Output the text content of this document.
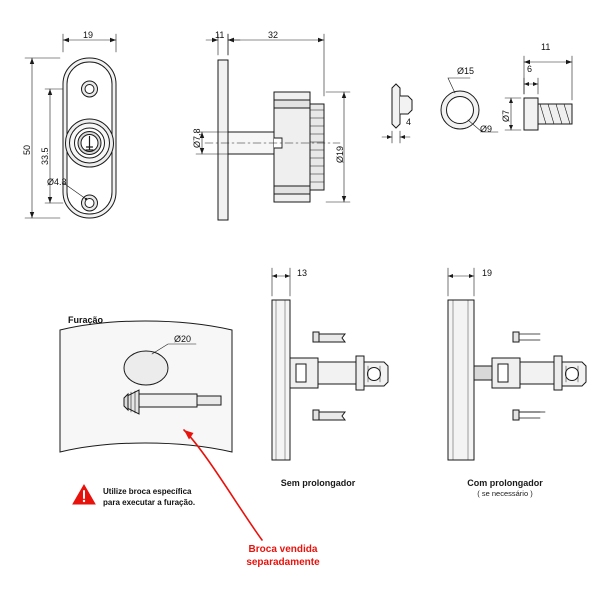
19
50 33.5
Ø4.3
11	32
Ø7,8
Ø19
4
Ø15
Ø9
11
6
Ø7
Furação
Ø20
13	19
Sem prolongador	Com prolongador
( se necessário )
Utilize broca específica
para executar a furação.
Broca vendida
separadamente
